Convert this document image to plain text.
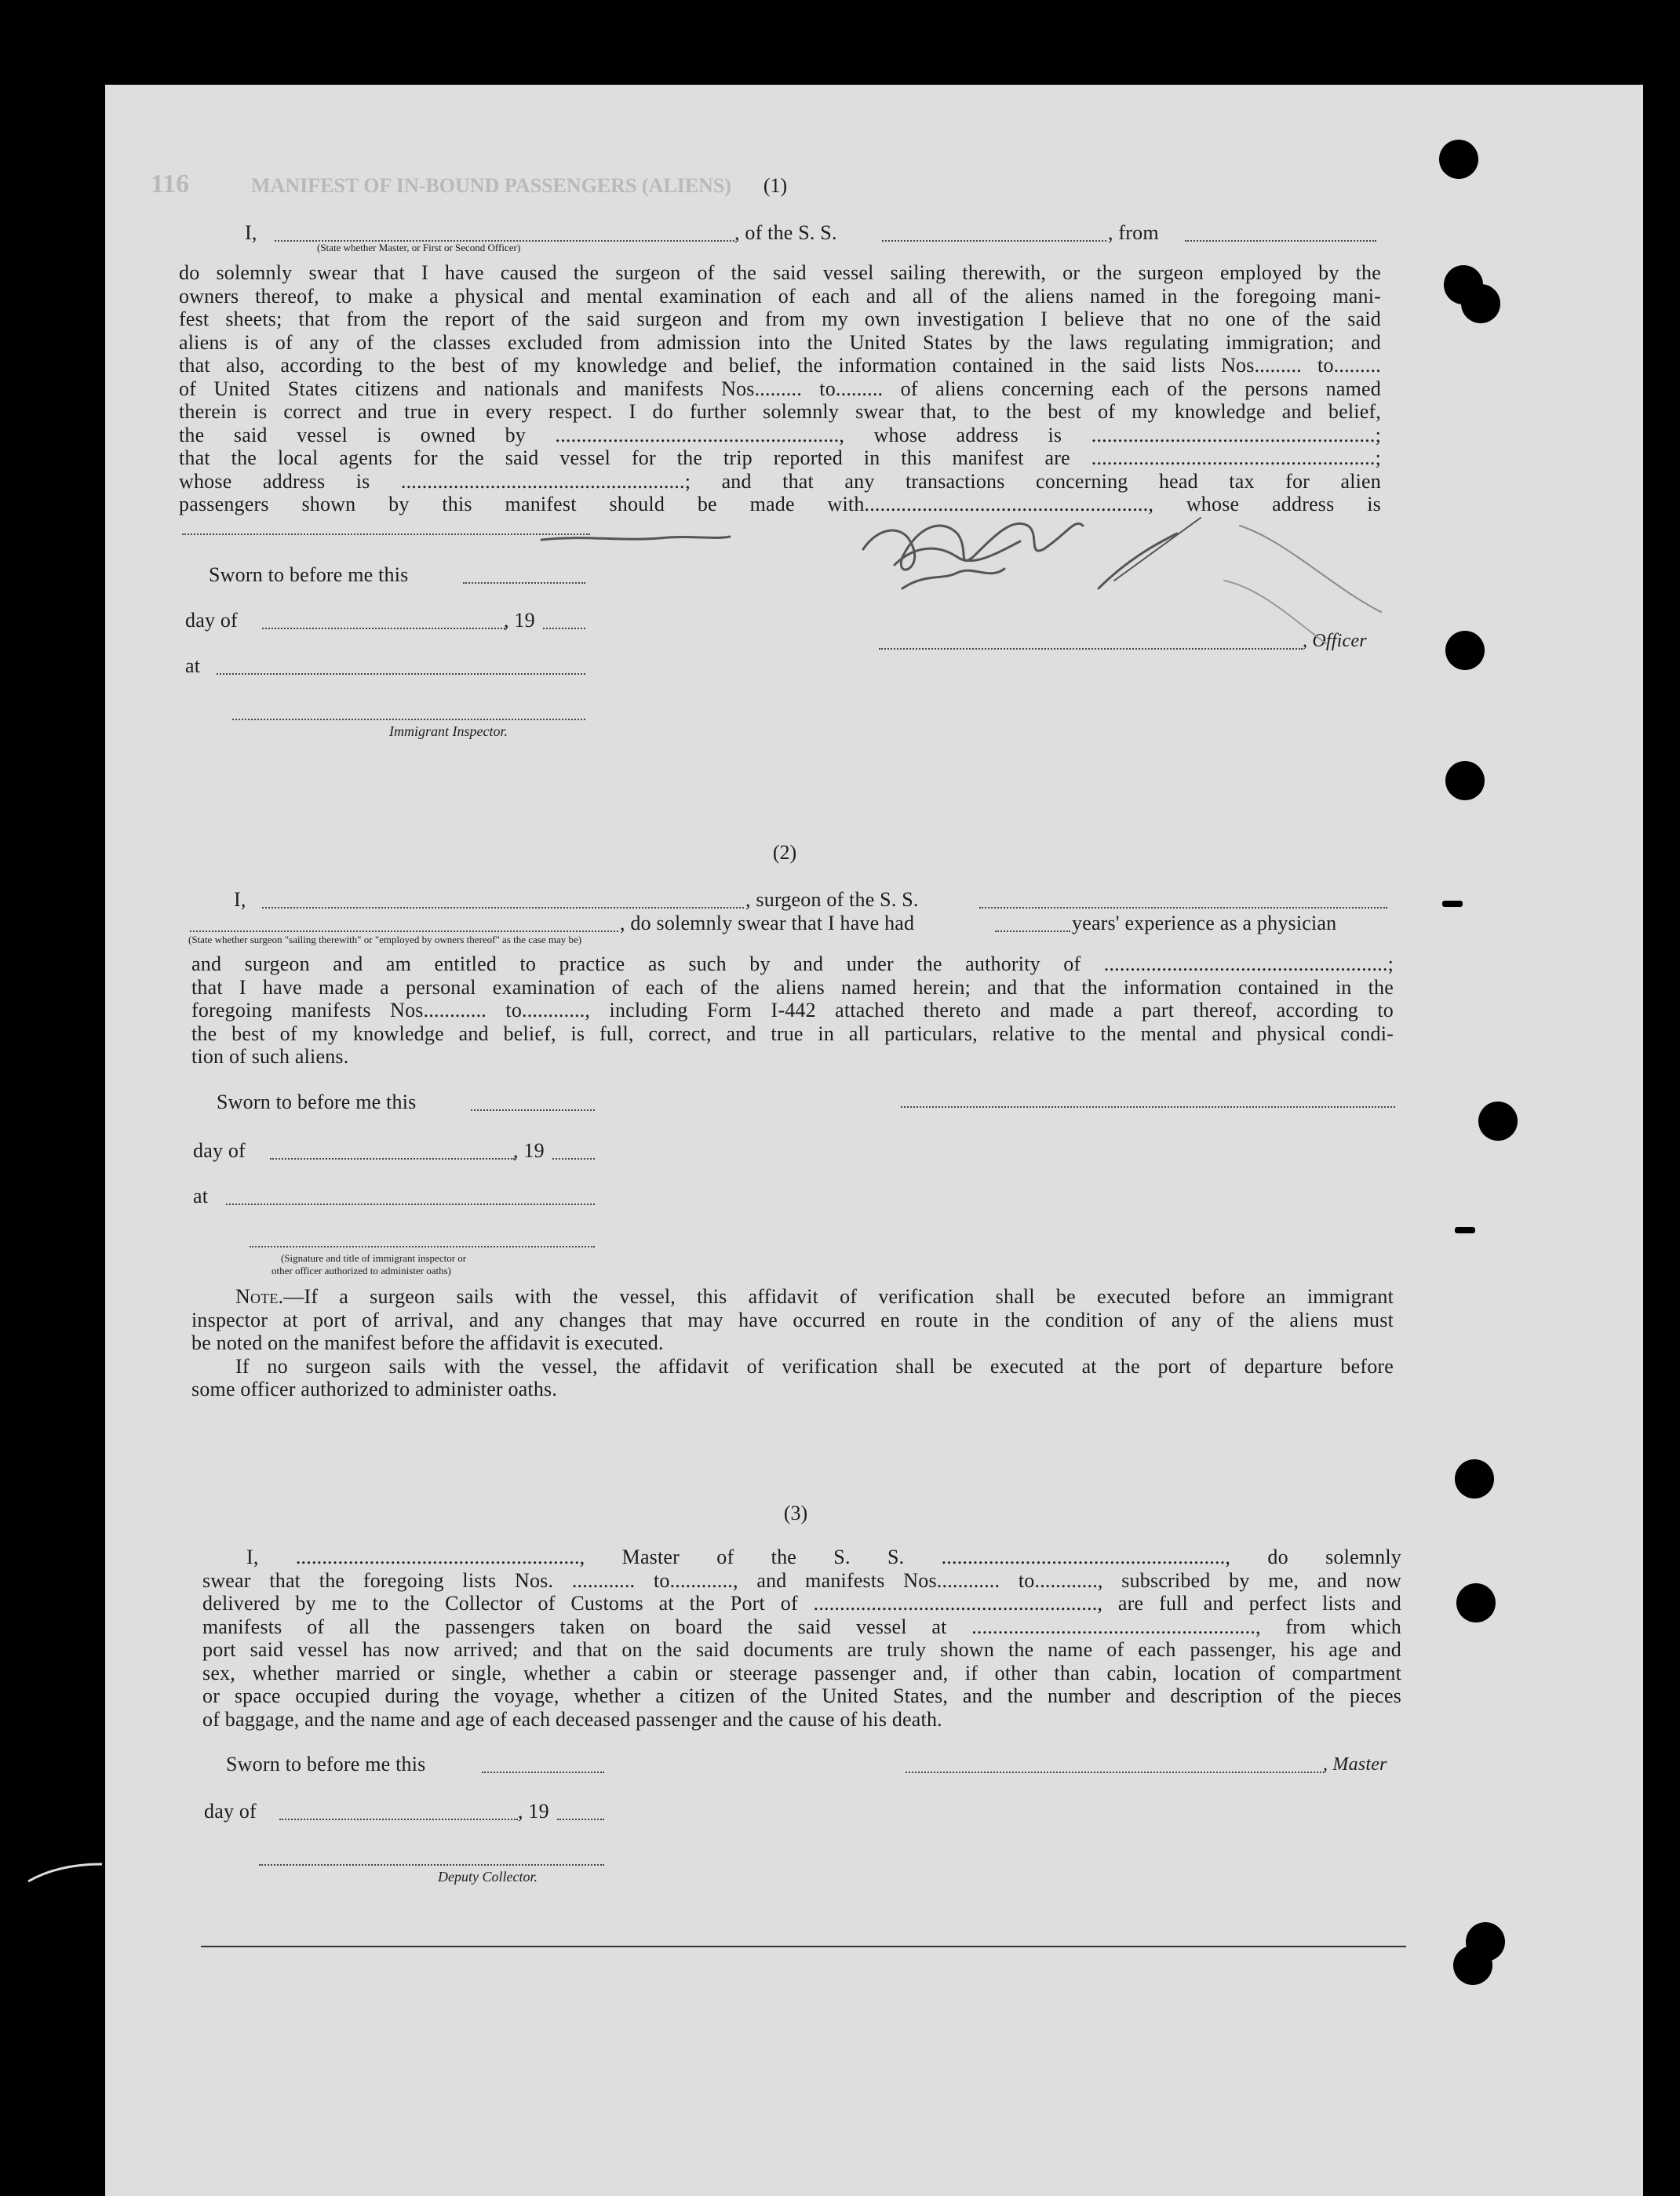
MANIFEST OF IN-BOUND PASSENGERS (ALIENS)
116	(1)
I,	, of the S. S.	, from
(State whether Master, or First or Second Officer)
do solemnly swear that I have caused the surgeon of the said vessel sailing therewith, or the surgeon employed by the
owners thereof, to make a physical and mental examination of each and all of the aliens named in the foregoing mani-
fest sheets; that from the report of the said surgeon and from my own investigation I believe that no one of the said
aliens is of any of the classes excluded from admission into the United States by the laws regulating immigration; and
that also, according to the best of my knowledge and belief, the information contained in the said lists Nos......... to.........
of United States citizens and nationals and manifests Nos......... to......... of aliens concerning each of the persons named
therein is correct and true in every respect. I do further solemnly swear that, to the best of my knowledge and belief,
the said vessel is owned by ......................................................, whose address is ......................................................;
that the local agents for the said vessel for the trip reported in this manifest are ......................................................;
whose address is ......................................................; and that any transactions concerning head tax for alien
passengers shown by this manifest should be made with......................................................, whose address is
Sworn to before me this
day of	, 19
at
Immigrant Inspector.
, Officer
(2)
I,	, surgeon of the S. S.
, do solemnly swear that I have had	years' experience as a physician
(State whether surgeon "sailing therewith" or "employed by owners thereof" as the case may be)
and surgeon and am entitled to practice as such by and under the authority of ......................................................;
that I have made a personal examination of each of the aliens named herein; and that the information contained in the
foregoing manifests Nos............ to............, including Form I-442 attached thereto and made a part thereof, according to
the best of my knowledge and belief, is full, correct, and true in all particulars, relative to the mental and physical condi-
tion of such aliens.
Sworn to before me this
day of	, 19
at
(Signature and title of immigrant inspector or
other officer authorized to administer oaths)
Note.—If a surgeon sails with the vessel, this affidavit of verification shall be executed before an immigrant
inspector at port of arrival, and any changes that may have occurred en route in the condition of any of the aliens must
be noted on the manifest before the affidavit is executed.
If no surgeon sails with the vessel, the affidavit of verification shall be executed at the port of departure before
some officer authorized to administer oaths.
(3)
I, ......................................................, Master of the S. S. ......................................................, do solemnly
swear that the foregoing lists Nos. ............ to............, and manifests Nos............ to............, subscribed by me, and now
delivered by me to the Collector of Customs at the Port of ......................................................, are full and perfect lists and
manifests of all the passengers taken on board the said vessel at ......................................................, from which
port said vessel has now arrived; and that on the said documents are truly shown the name of each passenger, his age and
sex, whether married or single, whether a cabin or steerage passenger and, if other than cabin, location of compartment
or space occupied during the voyage, whether a citizen of the United States, and the number and description of the pieces
of baggage, and the name and age of each deceased passenger and the cause of his death.
Sworn to before me this	, Master
day of	, 19
Deputy Collector.
